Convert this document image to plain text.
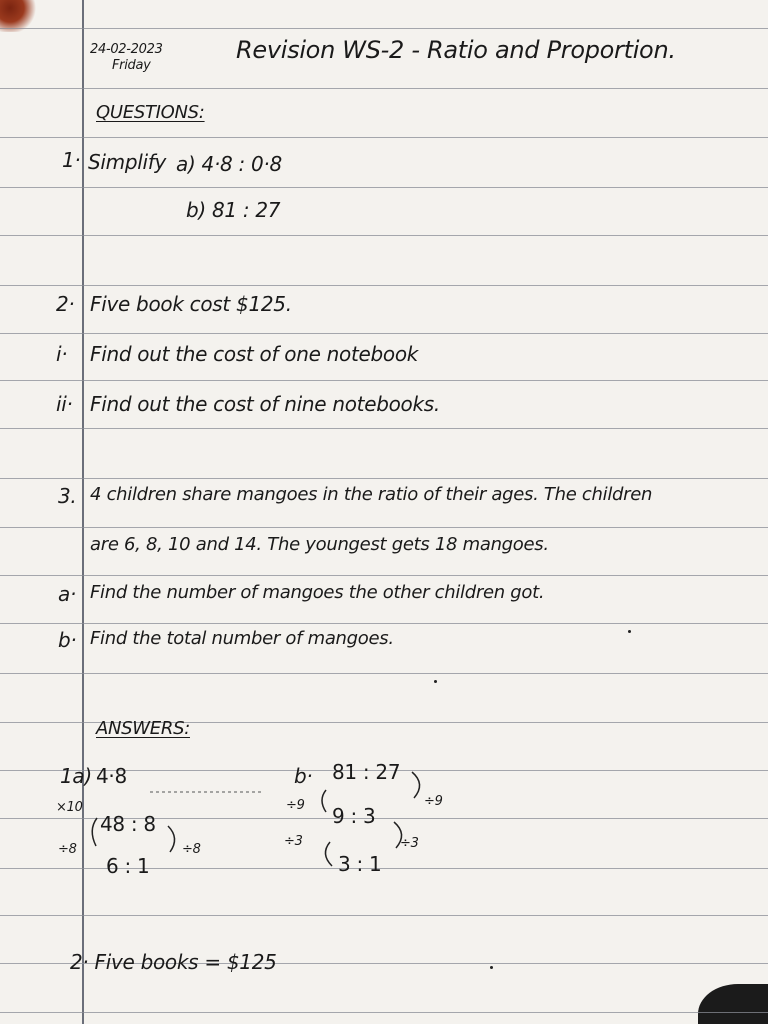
24-02-2023
Friday
Revision WS-2 - Ratio and Proportion.
QUESTIONS:
1· Simplify a) 4·8 : 0·8
b) 81 : 27
2· Five book cost $125.
i· Find out the cost of one notebook
ii· Find out the cost of nine notebooks.
3. 4 children share mangoes in the ratio of their ages. The children
are 6, 8, 10 and 14. The youngest gets 18 mangoes.
a· Find the number of mangoes the other children got.
b· Find the total number of mangoes.
ANSWERS:
1a) 4·8
×10
48 : 8
÷8
6 : 1
÷8
b· 81 : 27
÷9	÷9
9 : 3
÷3	÷3
3 : 1
2· Five books = $125
